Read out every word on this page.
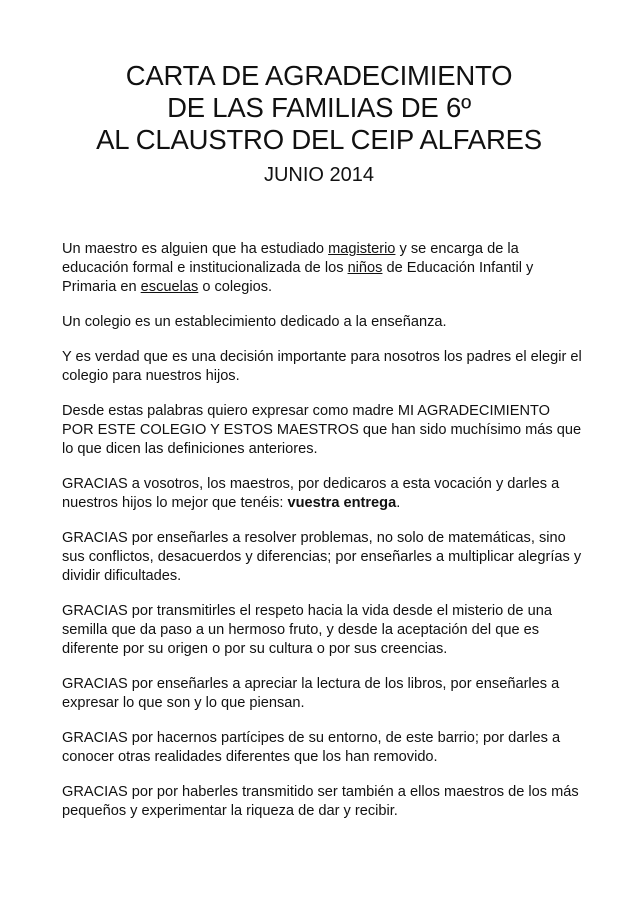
CARTA DE AGRADECIMIENTO
DE LAS FAMILIAS DE 6º
AL CLAUSTRO DEL CEIP ALFARES
JUNIO 2014

Un maestro es alguien que ha estudiado magisterio y se encarga de la educación formal e institucionalizada de los niños de Educación Infantil y Primaria en escuelas o colegios.

Un colegio es un establecimiento dedicado a la enseñanza.

Y es verdad que es una decisión importante para nosotros los padres el elegir el colegio para nuestros hijos.

Desde estas palabras quiero expresar como madre MI AGRADECIMIENTO POR ESTE COLEGIO Y ESTOS MAESTROS que han sido muchísimo más que lo que dicen las definiciones anteriores.

GRACIAS a vosotros, los maestros, por dedicaros a esta vocación y darles a nuestros hijos lo mejor que tenéis: vuestra entrega.

GRACIAS por enseñarles a resolver problemas, no solo de matemáticas, sino sus conflictos, desacuerdos y diferencias; por enseñarles a multiplicar alegrías y dividir dificultades.

GRACIAS por transmitirles el respeto hacia la vida desde el misterio de una semilla que da paso a un hermoso fruto, y desde la aceptación del que es diferente por su origen o por su cultura o por sus creencias.

GRACIAS por enseñarles a apreciar la lectura de los libros, por enseñarles a expresar lo que son y lo que piensan.

GRACIAS por hacernos partícipes de su entorno, de este barrio; por darles a conocer otras realidades diferentes que los han removido.

GRACIAS por por haberles transmitido ser también a ellos maestros de los más pequeños y experimentar la riqueza de dar y recibir.
